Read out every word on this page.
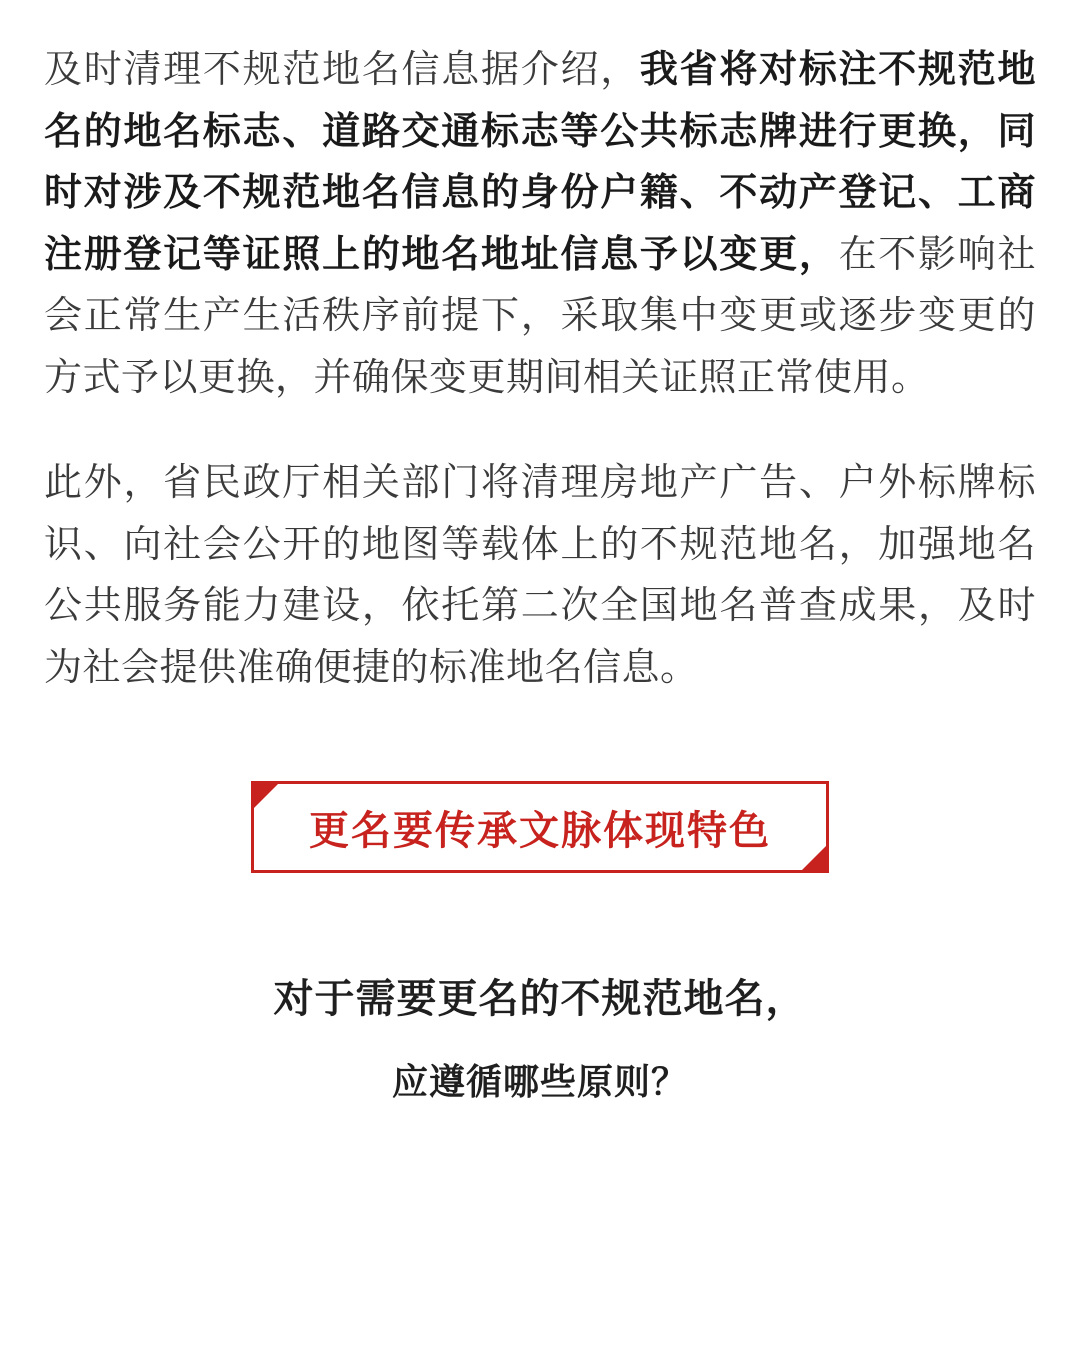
及时清理不规范地名信息据介绍，我省将对标注不规范地名的地名标志、道路交通标志等公共标志牌进行更换，同时对涉及不规范地名信息的身份户籍、不动产登记、工商注册登记等证照上的地名地址信息予以变更，在不影响社会正常生产生活秩序前提下，采取集中变更或逐步变更的方式予以更换，并确保变更期间相关证照正常使用。

此外，省民政厅相关部门将清理房地产广告、户外标牌标识、向社会公开的地图等载体上的不规范地名，加强地名公共服务能力建设，依托第二次全国地名普查成果，及时为社会提供准确便捷的标准地名信息。

更名要传承文脉体现特色
对于需要更名的不规范地名，
应遵循哪些原则？
